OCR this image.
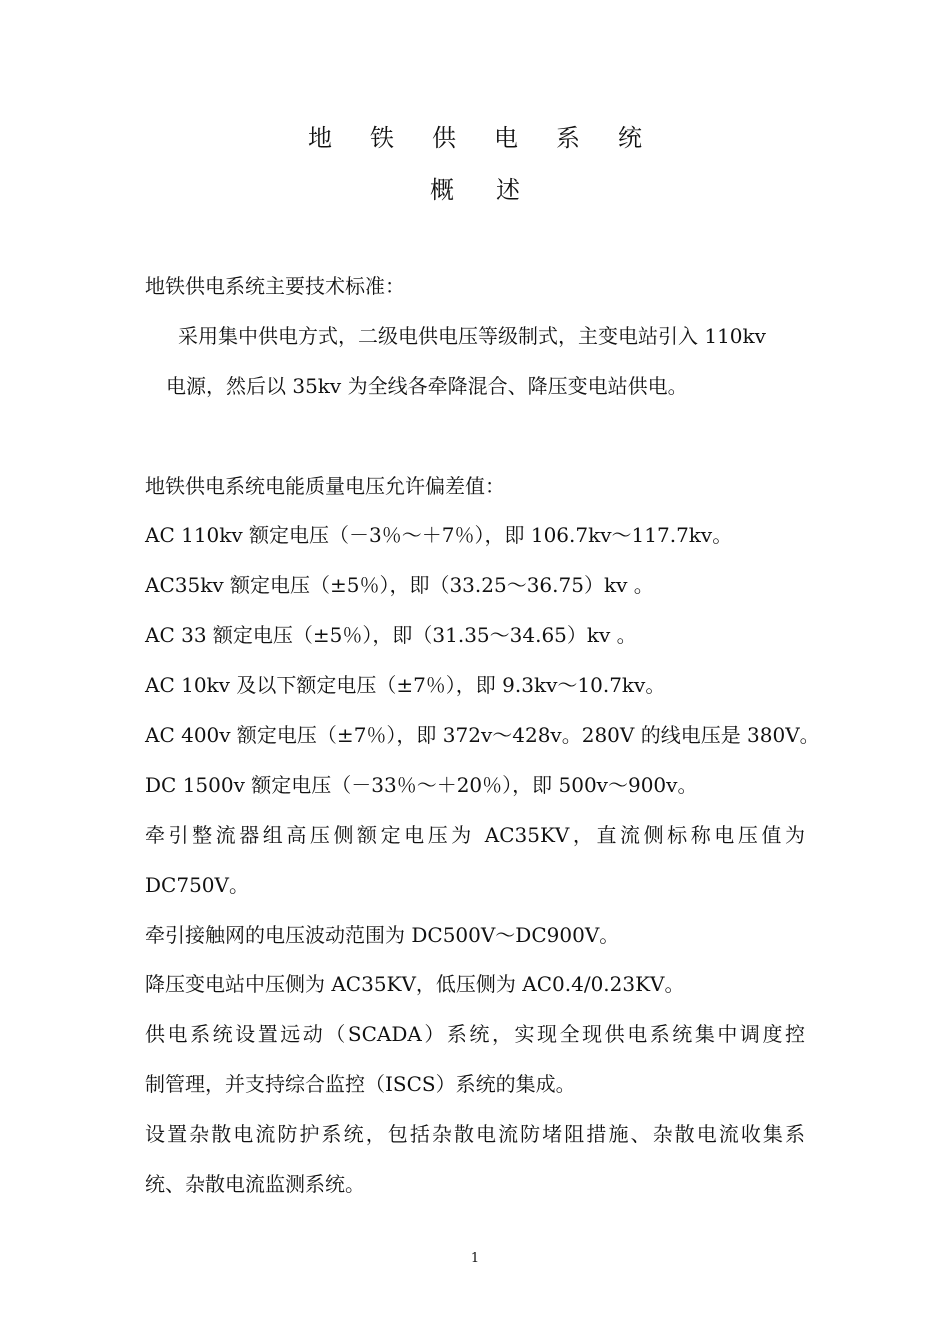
地铁供电系统
概述
地铁供电系统主要技术标准：
采用集中供电方式，二级电供电压等级制式，主变电站引入 110kv
电源，然后以 35kv 为全线各牵降混合、降压变电站供电。
地铁供电系统电能质量电压允许偏差值：
AC 110kv 额定电压（－3％～＋7％），即 106.7kv～117.7kv。
AC35kv 额定电压（±5％），即（33.25～36.75）kv 。
AC 33 额定电压（±5％），即（31.35～34.65）kv 。
AC 10kv 及以下额定电压（±7％），即 9.3kv～10.7kv。
AC 400v 额定电压（±7％），即 372v～428v。280V 的线电压是 380V。
DC 1500v 额定电压（－33％～＋20％），即 500v～900v。
牵引整流器组高压侧额定电压为 AC35KV，直流侧标称电压值为
DC750V。
牵引接触网的电压波动范围为 DC500V～DC900V。
降压变电站中压侧为 AC35KV，低压侧为 AC0.4/0.23KV。
供电系统设置远动（SCADA）系统，实现全现供电系统集中调度控
制管理，并支持综合监控（ISCS）系统的集成。
设置杂散电流防护系统，包括杂散电流防堵阻措施、杂散电流收集系
统、杂散电流监测系统。
1
